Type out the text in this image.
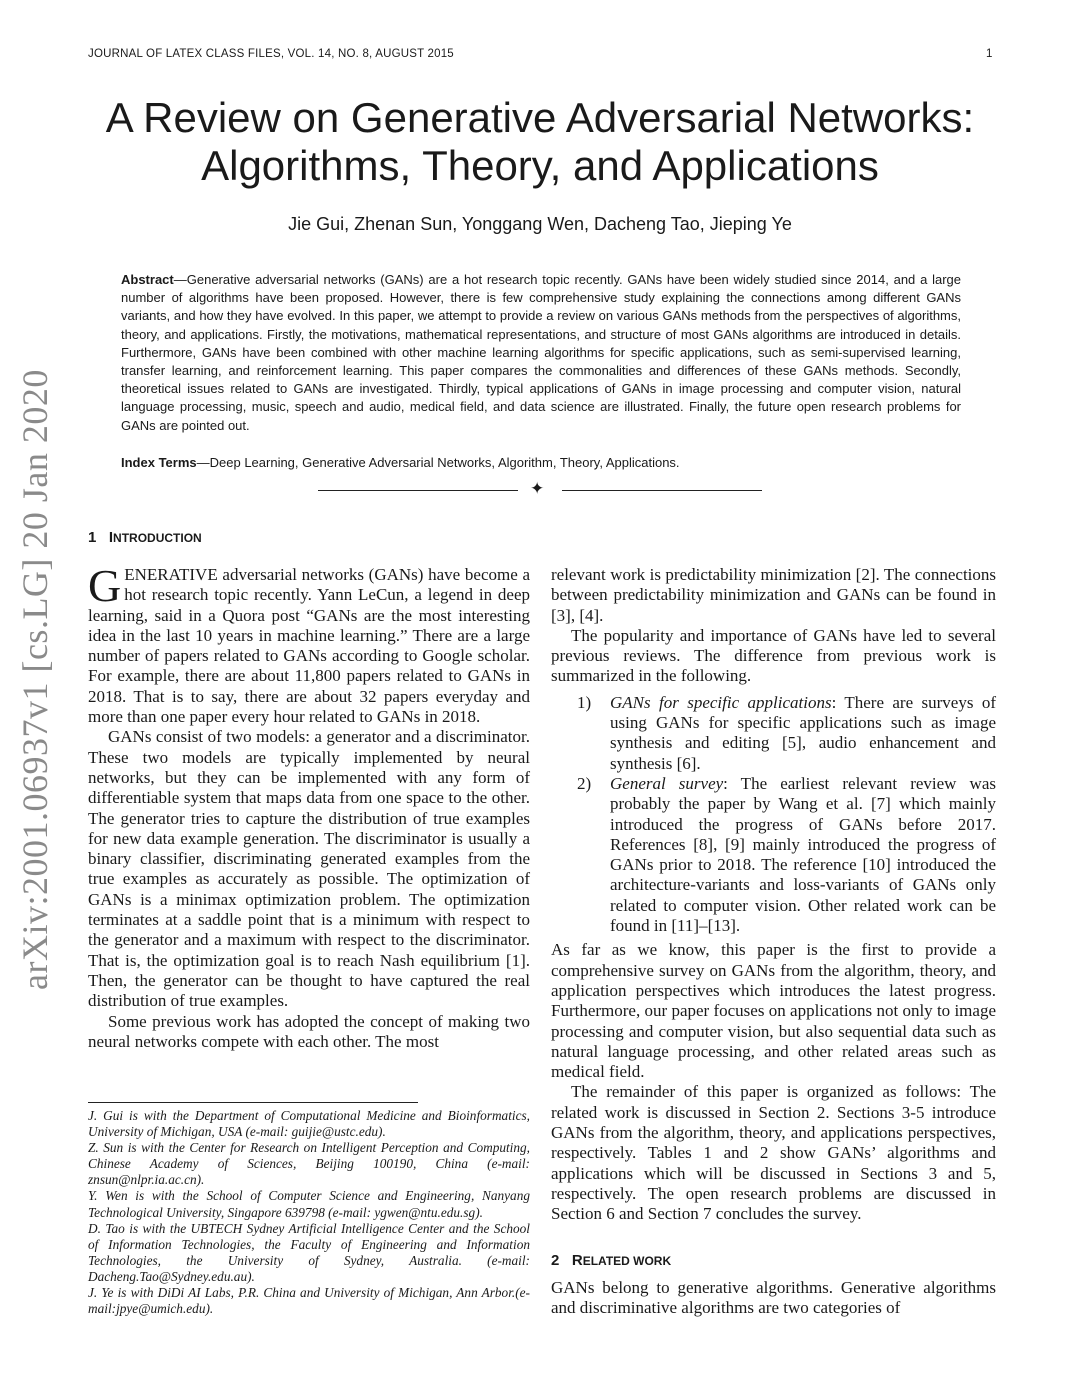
JOURNAL OF LATEX CLASS FILES, VOL. 14, NO. 8, AUGUST 2015	1
A Review on Generative Adversarial Networks:
Algorithms, Theory, and Applications
Jie Gui, Zhenan Sun, Yonggang Wen, Dacheng Tao, Jieping Ye
Abstract—Generative adversarial networks (GANs) are a hot research topic recently. GANs have been widely studied since 2014, and a large number of algorithms have been proposed. However, there is few comprehensive study explaining the connections among different GANs variants, and how they have evolved. In this paper, we attempt to provide a review on various GANs methods from the perspectives of algorithms, theory, and applications. Firstly, the motivations, mathematical representations, and structure of most GANs algorithms are introduced in details. Furthermore, GANs have been combined with other machine learning algorithms for specific applications, such as semi-supervised learning, transfer learning, and reinforcement learning. This paper compares the commonalities and differences of these GANs methods. Secondly, theoretical issues related to GANs are investigated. Thirdly, typical applications of GANs in image processing and computer vision, natural language processing, music, speech and audio, medical field, and data science are illustrated. Finally, the future open research problems for GANs are pointed out.
Index Terms—Deep Learning, Generative Adversarial Networks, Algorithm, Theory, Applications.
✦
arXiv:2001.06937v1 [cs.LG] 20 Jan 2020 1 INTRODUCTION

GENERATIVE adversarial networks (GANs) have become a hot research topic recently. Yann LeCun, a legend in deep learning, said in a Quora post “GANs are the most interesting idea in the last 10 years in machine learning.” There are a large number of papers related to GANs according to Google scholar. For example, there are about 11,800 papers related to GANs in 2018. That is to say, there are about 32 papers everyday and more than one paper every hour related to GANs in 2018.

GANs consist of two models: a generator and a discriminator. These two models are typically implemented by neural networks, but they can be implemented with any form of differentiable system that maps data from one space to the other. The generator tries to capture the distribution of true examples for new data example generation. The discriminator is usually a binary classifier, discriminating generated examples from the true examples as accurately as possible. The optimization of GANs is a minimax optimization problem. The optimization terminates at a saddle point that is a minimum with respect to the generator and a maximum with respect to the discriminator. That is, the optimization goal is to reach Nash equilibrium [1]. Then, the generator can be thought to have captured the real distribution of true examples.

Some previous work has adopted the concept of making two neural networks compete with each other. The most

J. Gui is with the Department of Computational Medicine and Bioinformatics, University of Michigan, USA (e-mail: guijie@ustc.edu).
Z. Sun is with the Center for Research on Intelligent Perception and Computing, Chinese Academy of Sciences, Beijing 100190, China (e-mail: znsun@nlpr.ia.ac.cn).
Y. Wen is with the School of Computer Science and Engineering, Nanyang Technological University, Singapore 639798 (e-mail: ygwen@ntu.edu.sg).
D. Tao is with the UBTECH Sydney Artificial Intelligence Center and the School of Information Technologies, the Faculty of Engineering and Information Technologies, the University of Sydney, Australia. (e-mail: Dacheng.Tao@Sydney.edu.au).
J. Ye is with DiDi AI Labs, P.R. China and University of Michigan, Ann Arbor.(e-mail:jpye@umich.edu).

relevant work is predictability minimization [2]. The connections between predictability minimization and GANs can be found in [3], [4].

The popularity and importance of GANs have led to several previous reviews. The difference from previous work is summarized in the following.

1) GANs for specific applications: There are surveys of using GANs for specific applications such as image synthesis and editing [5], audio enhancement and synthesis [6].
2) General survey: The earliest relevant review was probably the paper by Wang et al. [7] which mainly introduced the progress of GANs before 2017. References [8], [9] mainly introduced the progress of GANs prior to 2018. The reference [10] introduced the architecture-variants and loss-variants of GANs only related to computer vision. Other related work can be found in [11]–[13].

As far as we know, this paper is the first to provide a comprehensive survey on GANs from the algorithm, theory, and application perspectives which introduces the latest progress. Furthermore, our paper focuses on applications not only to image processing and computer vision, but also sequential data such as natural language processing, and other related areas such as medical field.

The remainder of this paper is organized as follows: The related work is discussed in Section 2. Sections 3-5 introduce GANs from the algorithm, theory, and applications perspectives, respectively. Tables 1 and 2 show GANs’ algorithms and applications which will be discussed in Sections 3 and 5, respectively. The open research problems are discussed in Section 6 and Section 7 concludes the survey.

2 RELATED WORK

GANs belong to generative algorithms. Generative algorithms and discriminative algorithms are two categories of
